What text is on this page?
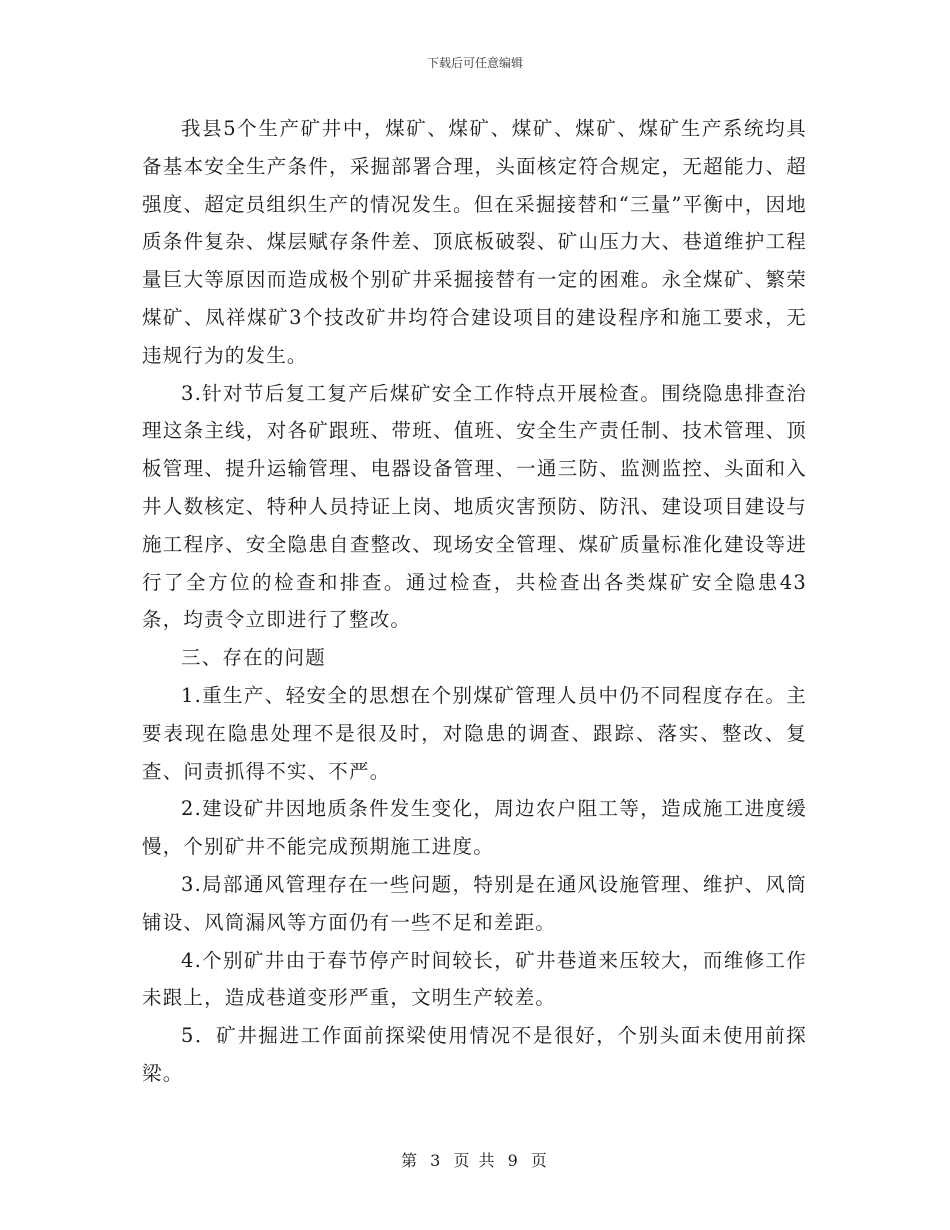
下载后可任意编辑

我县5个生产矿井中，煤矿、煤矿、煤矿、煤矿、煤矿生产系统均具备基本安全生产条件，采掘部署合理，头面核定符合规定，无超能力、超强度、超定员组织生产的情况发生。但在采掘接替和“三量”平衡中，因地质条件复杂、煤层赋存条件差、顶底板破裂、矿山压力大、巷道维护工程量巨大等原因而造成极个别矿井采掘接替有一定的困难。永全煤矿、繁荣煤矿、凤祥煤矿3个技改矿井均符合建设项目的建设程序和施工要求，无违规行为的发生。

3.针对节后复工复产后煤矿安全工作特点开展检查。围绕隐患排查治理这条主线，对各矿跟班、带班、值班、安全生产责任制、技术管理、顶板管理、提升运输管理、电器设备管理、一通三防、监测监控、头面和入井人数核定、特种人员持证上岗、地质灾害预防、防汛、建设项目建设与施工程序、安全隐患自查整改、现场安全管理、煤矿质量标准化建设等进行了全方位的检查和排查。通过检查，共检查出各类煤矿安全隐患43条，均责令立即进行了整改。

三、存在的问题

1.重生产、轻安全的思想在个别煤矿管理人员中仍不同程度存在。主要表现在隐患处理不是很及时，对隐患的调查、跟踪、落实、整改、复查、问责抓得不实、不严。

2.建设矿井因地质条件发生变化，周边农户阻工等，造成施工进度缓慢，个别矿井不能完成预期施工进度。

3.局部通风管理存在一些问题，特别是在通风设施管理、维护、风筒铺设、风筒漏风等方面仍有一些不足和差距。

4.个别矿井由于春节停产时间较长，矿井巷道来压较大，而维修工作未跟上，造成巷道变形严重，文明生产较差。

5．矿井掘进工作面前探梁使用情况不是很好，个别头面未使用前探梁。

第 3 页 共 9 页
